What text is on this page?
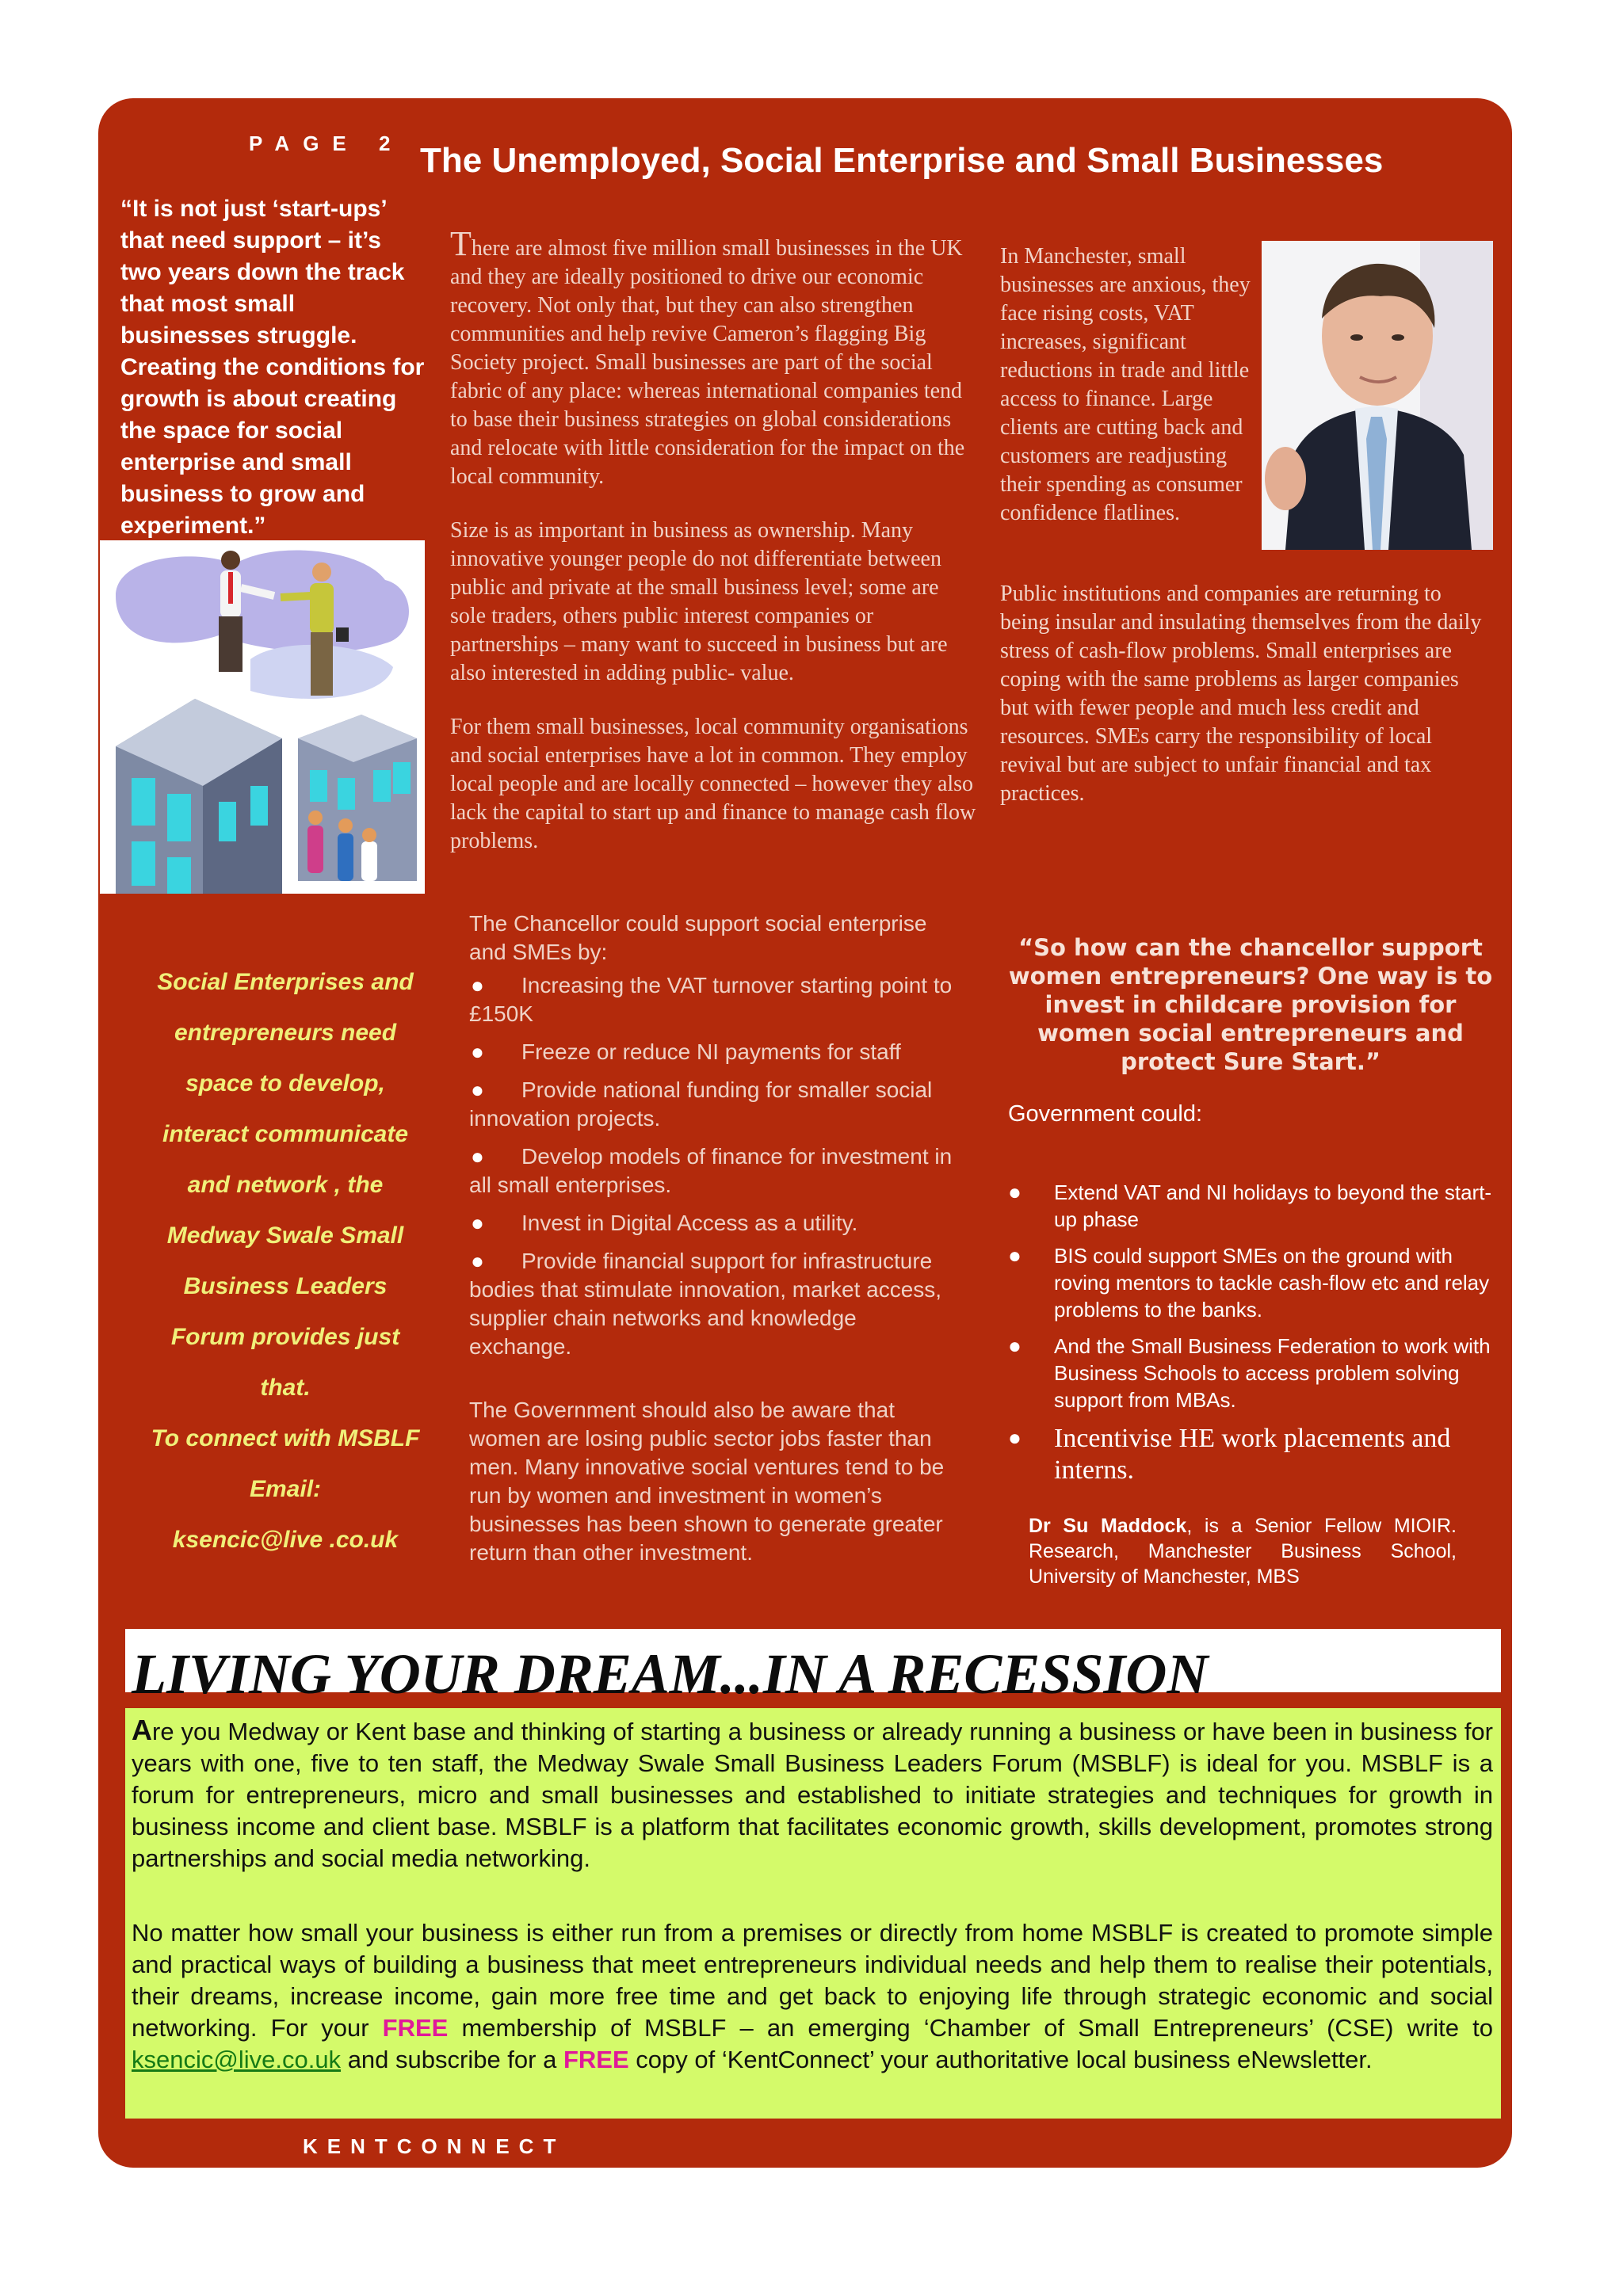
PAGE 2 The Unemployed, Social Enterprise and Small Businesses

“It is not just ‘start-ups’ that need support – it’s two years down the track that most small businesses struggle. Creating the conditions for growth is about creating the space for social enterprise and small business to grow and experiment.”

There are almost five million small businesses in the UK and they are ideally positioned to drive our economic recovery. Not only that, but they can also strengthen communities and help revive Cameron’s flagging Big Society project. Small businesses are part of the social fabric of any place: whereas international companies tend to base their business strategies on global considerations and relocate with little consideration for the impact on the local community.

Size is as important in business as ownership. Many innovative younger people do not differentiate between public and private at the small business level; some are sole traders, others public interest companies or partnerships – many want to succeed in business but are also interested in adding public- value.

For them small businesses, local community organisations and social enterprises have a lot in common. They employ local people and are locally connected – however they also lack the capital to start up and finance to manage cash flow problems.

In Manchester, small businesses are anxious, they face rising costs, VAT increases, significant reductions in trade and little access to finance. Large clients are cutting back and customers are readjusting their spending as consumer confidence flatlines.

Public institutions and companies are returning to being insular and insulating themselves from the daily stress of cash-flow problems. Small enterprises are coping with the same problems as larger companies but with fewer people and much less credit and resources. SMEs carry the responsibility of local revival but are subject to unfair financial and tax practices.

Social Enterprises and
entrepreneurs need
space to develop,
interact communicate
and network , the
Medway Swale Small
Business Leaders
Forum provides just
that.
To connect with MSBLF
Email:
ksencic@live .co.uk

The Chancellor could support social enterprise and SMEs by:

● Increasing the VAT turnover starting point to £150K
● Freeze or reduce NI payments for staff
● Provide national funding for smaller social innovation projects.
● Develop models of finance for investment in all small enterprises.
● Invest in Digital Access as a utility.
● Provide financial support for infrastructure bodies that stimulate innovation, market access, supplier chain networks and knowledge exchange.

The Government should also be aware that women are losing public sector jobs faster than men. Many innovative social ventures tend to be run by women and investment in women’s businesses has been shown to generate greater return than other investment.

“So how can the chancellor support women entrepreneurs? One way is to invest in childcare provision for women social entrepreneurs and protect Sure Start.”

Government could:
● Extend VAT and NI holidays to beyond the start-up phase
● BIS could support SMEs on the ground with roving mentors to tackle cash-flow etc and relay problems to the banks.
● And the Small Business Federation to work with Business Schools to access problem solving support from MBAs.
● Incentivise HE work placements and interns.

Dr Su Maddock, is a Senior Fellow MIOIR. Research, Manchester Business School, University of Manchester, MBS

LIVING YOUR DREAM...IN A RECESSION

Are you Medway or Kent base and thinking of starting a business or already running a business or have been in business for years with one, five to ten staff, the Medway Swale Small Business Leaders Forum (MSBLF) is ideal for you. MSBLF is a forum for entrepreneurs, micro and small businesses and established to initiate strategies and techniques for growth in business income and client base. MSBLF is a platform that facilitates economic growth, skills development, promotes strong partnerships and social media networking.

No matter how small your business is either run from a premises or directly from home MSBLF is created to promote simple and practical ways of building a business that meet entrepreneurs individual needs and help them to realise their potentials, their dreams, increase income, gain more free time and get back to enjoying life through strategic economic and social networking. For your FREE membership of MSBLF – an emerging ‘Chamber of Small Entrepreneurs’ (CSE) write to ksencic@live.co.uk and subscribe for a FREE copy of ‘KentConnect’ your authoritative local business eNewsletter.

KENTCONNECT
